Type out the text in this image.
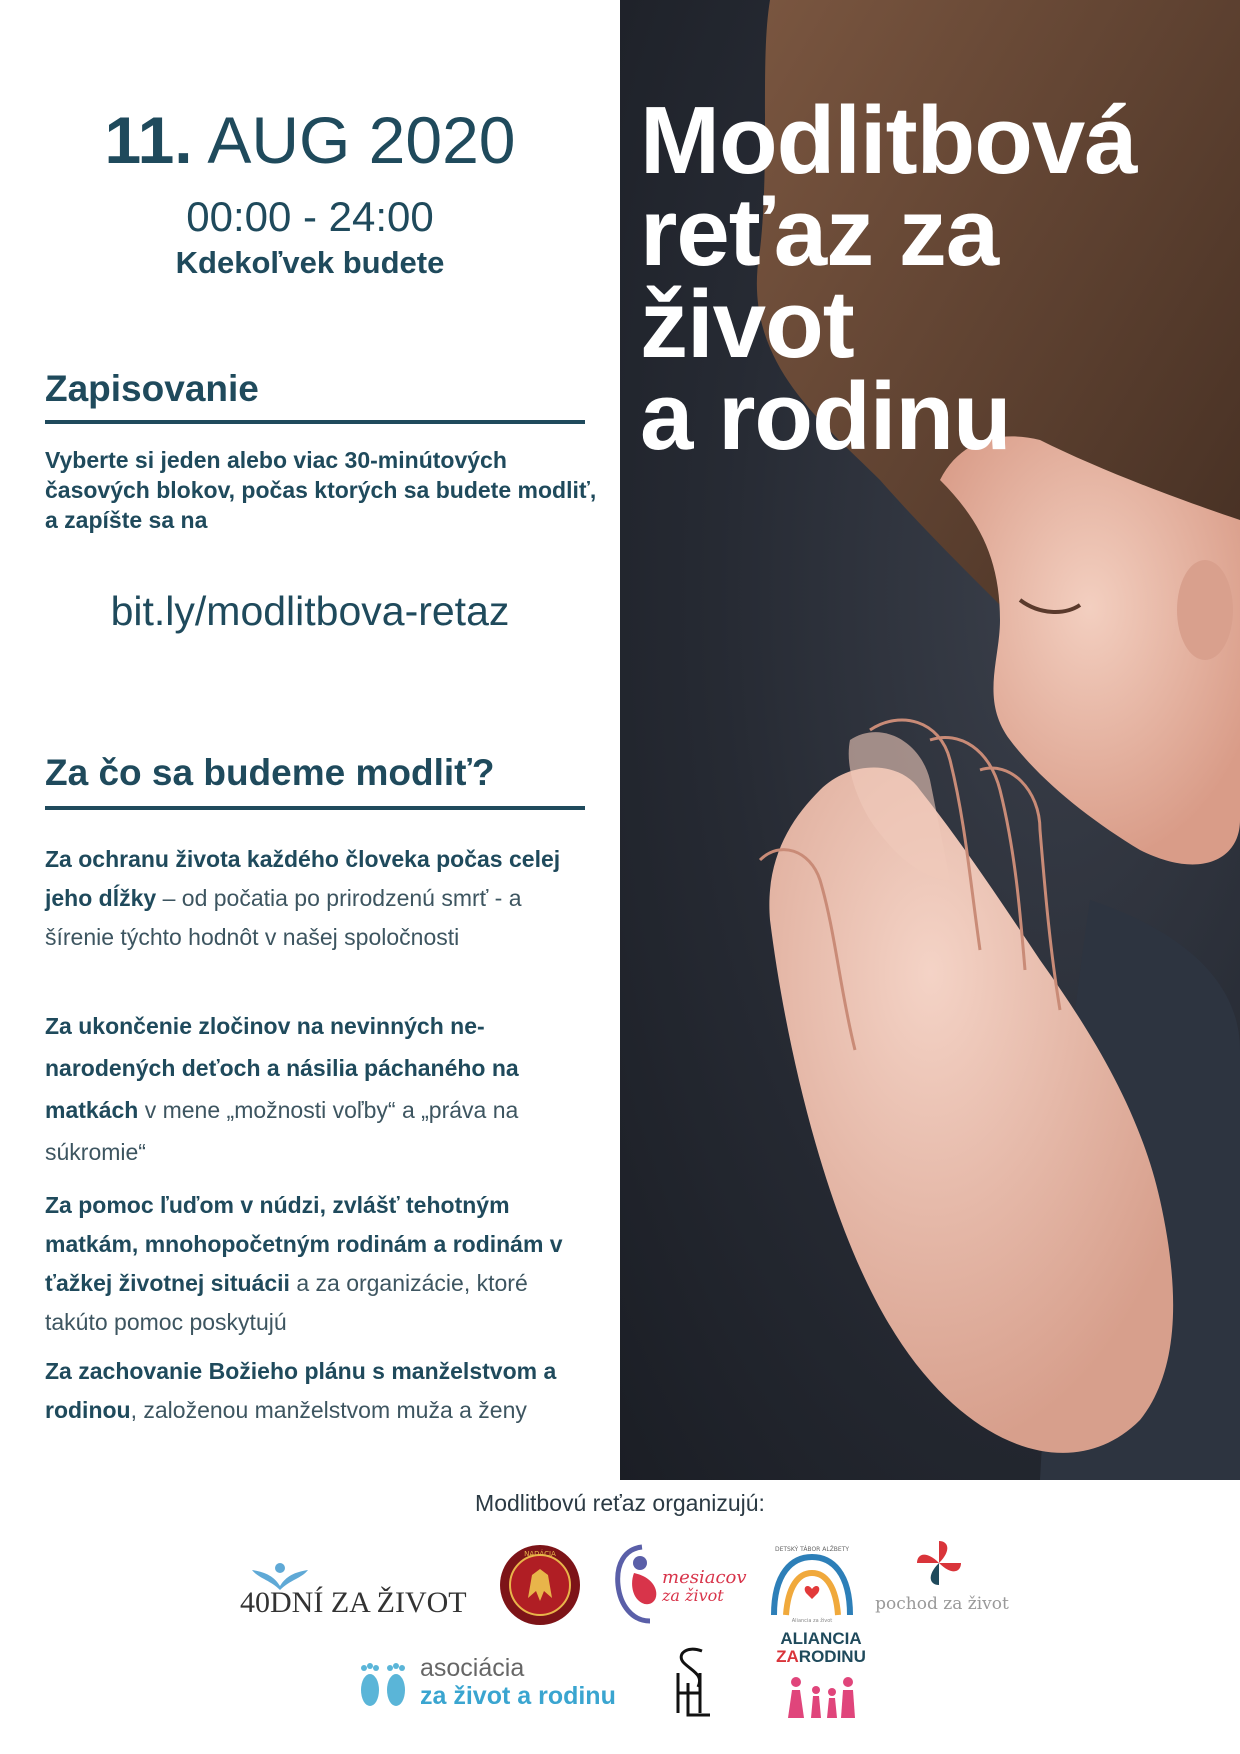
Modlitbová
reťaz za
život
a rodinu
11. AUG 2020
00:00 - 24:00
Kdekoľvek budete
Zapisovanie
Vyberte si jeden alebo viac 30-minútových časových blokov, počas ktorých sa budete modliť, a zapíšte sa na
bit.ly/modlitbova-retaz
Za čo sa budeme modliť?
Za ochranu života každého človeka počas celej jeho dĺžky – od počatia po prirodzenú smrť - a šírenie týchto hodnôt v našej spoločnosti
Za ukončenie zločinov na nevinných nenarodených deťoch a násilia páchaného na matkách v mene „možnosti voľby“ a „práva na súkromie“
Za pomoc ľuďom v núdzi, zvlášť tehotným matkám, mnohopočetným rodinám a rodinám v ťažkej životnej situácii a za organizácie, ktoré takúto pomoc poskytujú
Za zachovanie Božieho plánu s manželstvom a rodinou, založenou manželstvom muža a ženy
Modlitbovú reťaz organizujú:
40DNÍ ZA ŽIVOT
NADÁCIA
mesiacov
za život
DETSKÝ TÁBOR ALŽBETY
Aliancia za život
pochod za život
asociácia
za život a rodinu
ALIANCIA
ZARODINU
